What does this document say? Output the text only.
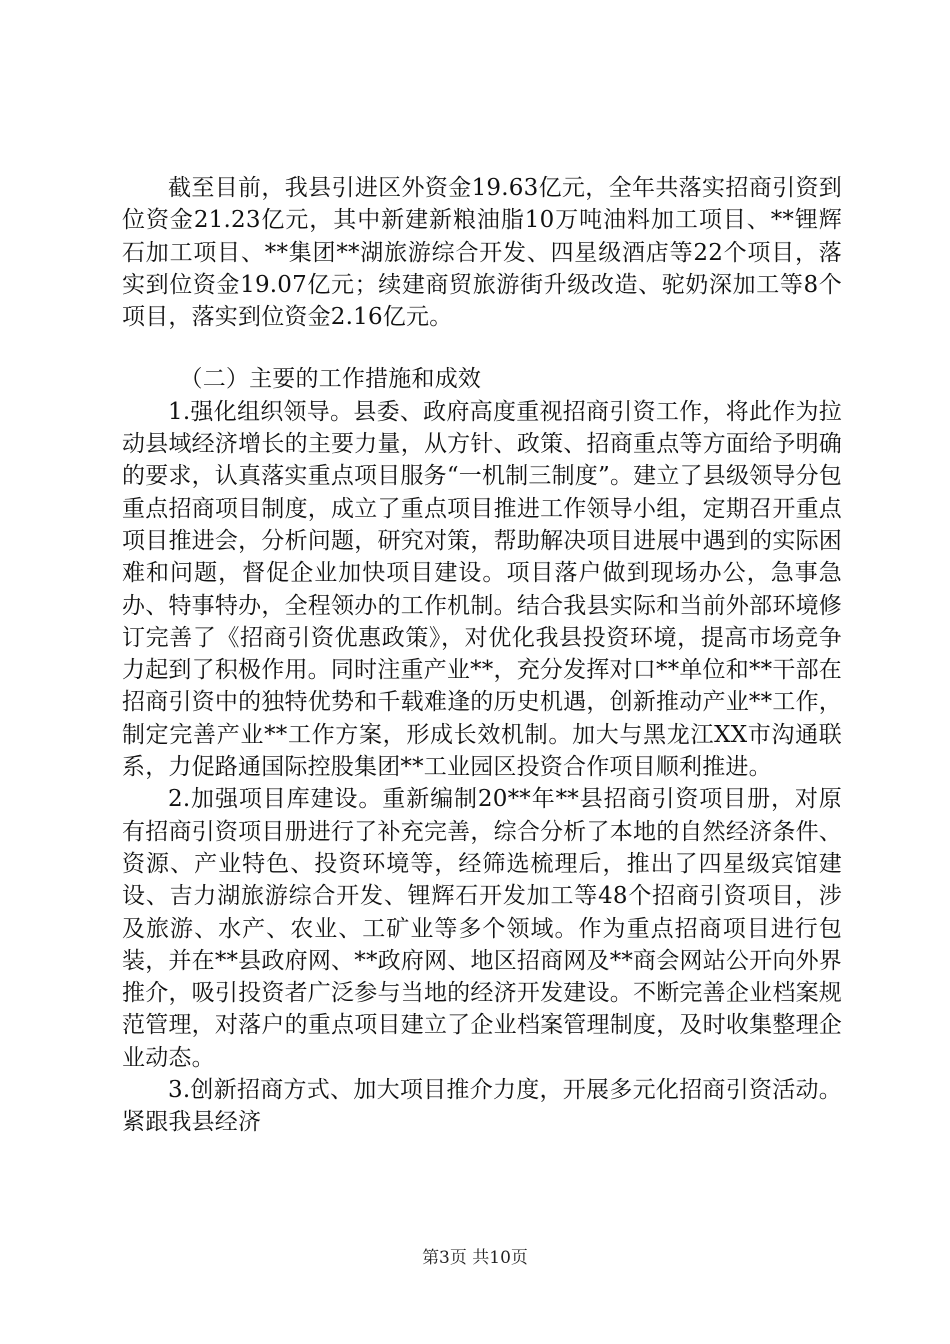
截至目前，我县引进区外资金19.63亿元，全年共落实招商引资到位资金21.23亿元，其中新建新粮油脂10万吨油料加工项目、**锂辉石加工项目、**集团**湖旅游综合开发、四星级酒店等22个项目，落实到位资金19.07亿元；续建商贸旅游街升级改造、驼奶深加工等8个项目，落实到位资金2.16亿元。

（二）主要的工作措施和成效

1.强化组织领导。县委、政府高度重视招商引资工作，将此作为拉动县域经济增长的主要力量，从方针、政策、招商重点等方面给予明确的要求，认真落实重点项目服务“一机制三制度”。建立了县级领导分包重点招商项目制度，成立了重点项目推进工作领导小组，定期召开重点项目推进会，分析问题，研究对策，帮助解决项目进展中遇到的实际困难和问题，督促企业加快项目建设。项目落户做到现场办公，急事急办、特事特办，全程领办的工作机制。结合我县实际和当前外部环境修订完善了《招商引资优惠政策》，对优化我县投资环境，提高市场竞争力起到了积极作用。同时注重产业**，充分发挥对口**单位和**干部在招商引资中的独特优势和千载难逢的历史机遇，创新推动产业**工作，制定完善产业**工作方案，形成长效机制。加大与黑龙江XX市沟通联系，力促路通国际控股集团**工业园区投资合作项目顺利推进。

2.加强项目库建设。重新编制20**年**县招商引资项目册，对原有招商引资项目册进行了补充完善，综合分析了本地的自然经济条件、资源、产业特色、投资环境等，经筛选梳理后，推出了四星级宾馆建设、吉力湖旅游综合开发、锂辉石开发加工等48个招商引资项目，涉及旅游、水产、农业、工矿业等多个领域。作为重点招商项目进行包装，并在**县政府网、**政府网、地区招商网及**商会网站公开向外界推介，吸引投资者广泛参与当地的经济开发建设。不断完善企业档案规范管理，对落户的重点项目建立了企业档案管理制度，及时收集整理企业动态。

3.创新招商方式、加大项目推介力度，开展多元化招商引资活动。紧跟我县经济

第3页 共10页
